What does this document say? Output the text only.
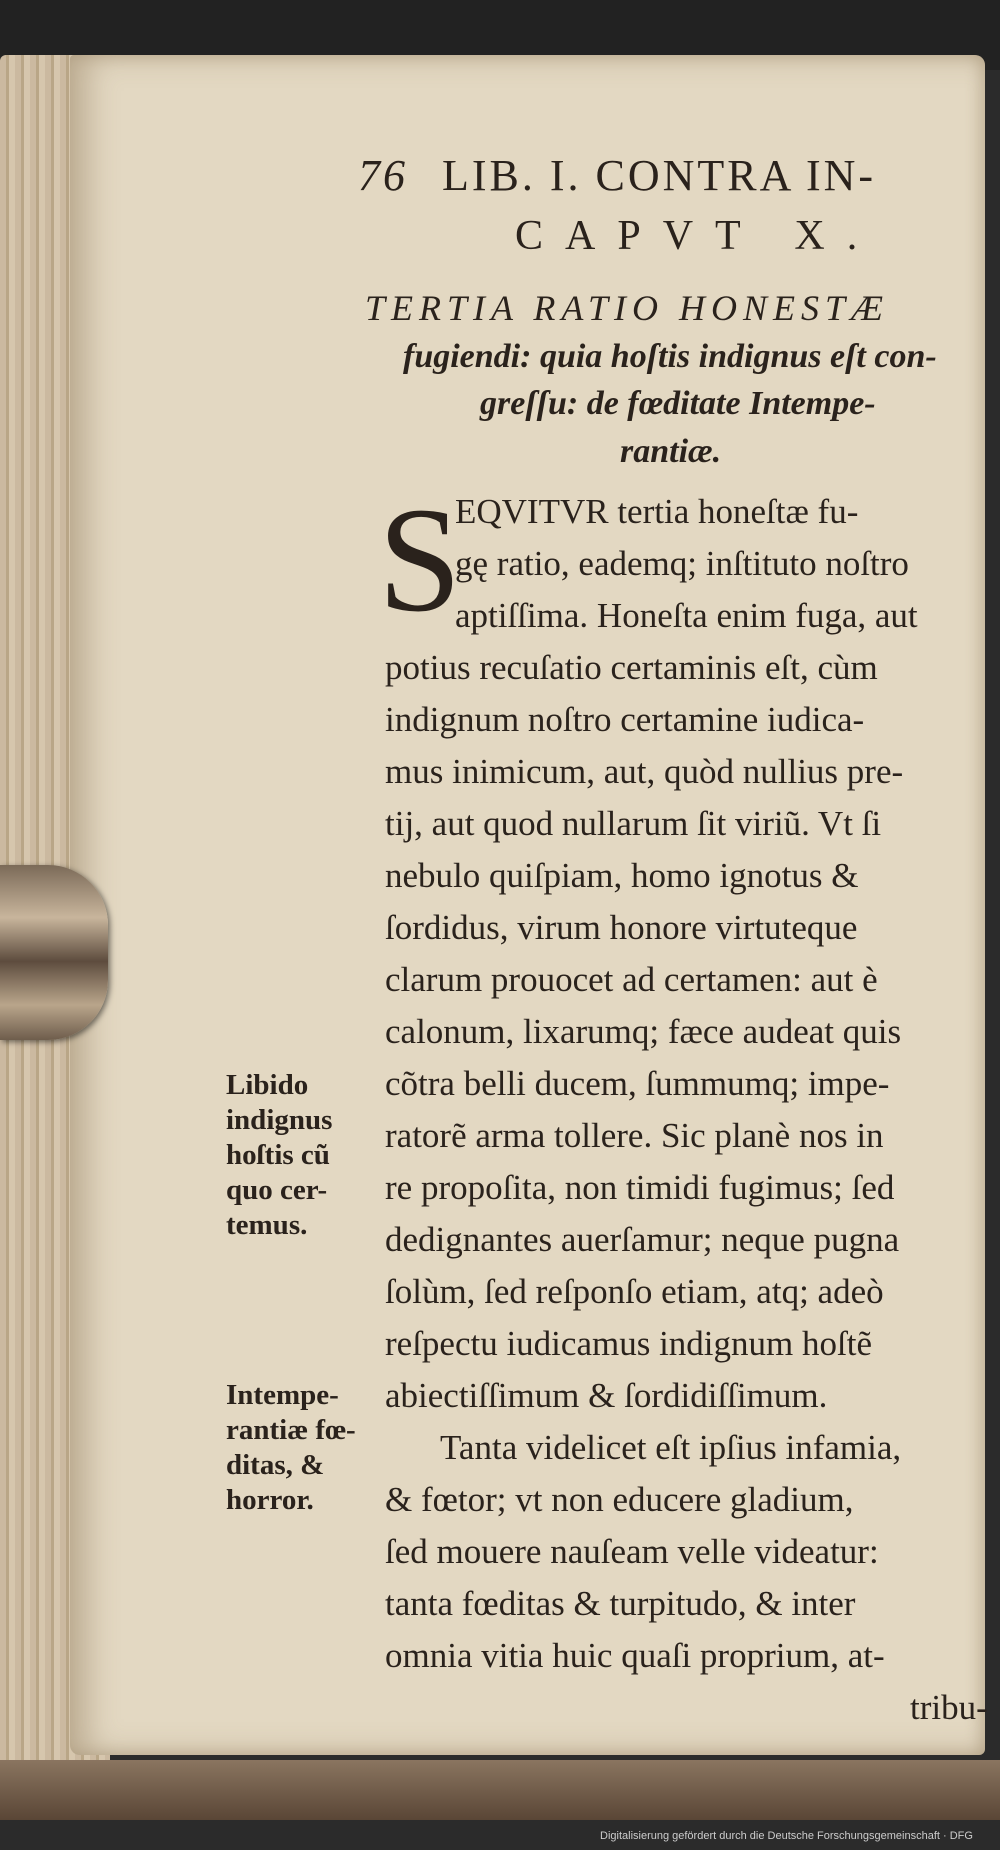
76 LIB. I. CONTRA IN-
CAPVT X.
TERTIA RATIO HONESTÆ
fugiendi: quia hoſtis indignus eſt con-
greſſu: de fœditate Intempe-
rantiæ.
S
EQVITVR tertia honeſtæ fu-
gę ratio, eademq; inſtituto noſtro
aptiſſima. Honeſta enim fuga, aut
potius recuſatio certaminis eſt, cùm
indignum noſtro certamine iudica-
mus inimicum, aut, quòd nullius pre-
tij, aut quod nullarum ſit viriũ. Vt ſi
nebulo quiſpiam, homo ignotus &
ſordidus, virum honore virtuteque
clarum prouocet ad certamen: aut è
calonum, lixarumq; fæce audeat quis
cõtra belli ducem, ſummumq; impe-
ratorẽ arma tollere. Sic planè nos in
re propoſita, non timidi fugimus; ſed
dedignantes auerſamur; neque pugna
ſolùm, ſed reſponſo etiam, atq; adeò
reſpectu iudicamus indignum hoſtẽ
abiectiſſimum & ſordidiſſimum.
Tanta videlicet eſt ipſius infamia,
& fœtor; vt non educere gladium,
ſed mouere nauſeam velle videatur:
tanta fœditas & turpitudo, & inter
omnia vitia huic quaſi proprium, at-
tribu-
Libido
indignus
hoſtis cũ
quo cer-
temus.
Intempe-
rantiæ fœ-
ditas, &
horror.
Digitalisierung gefördert durch die Deutsche Forschungsgemeinschaft · DFG
